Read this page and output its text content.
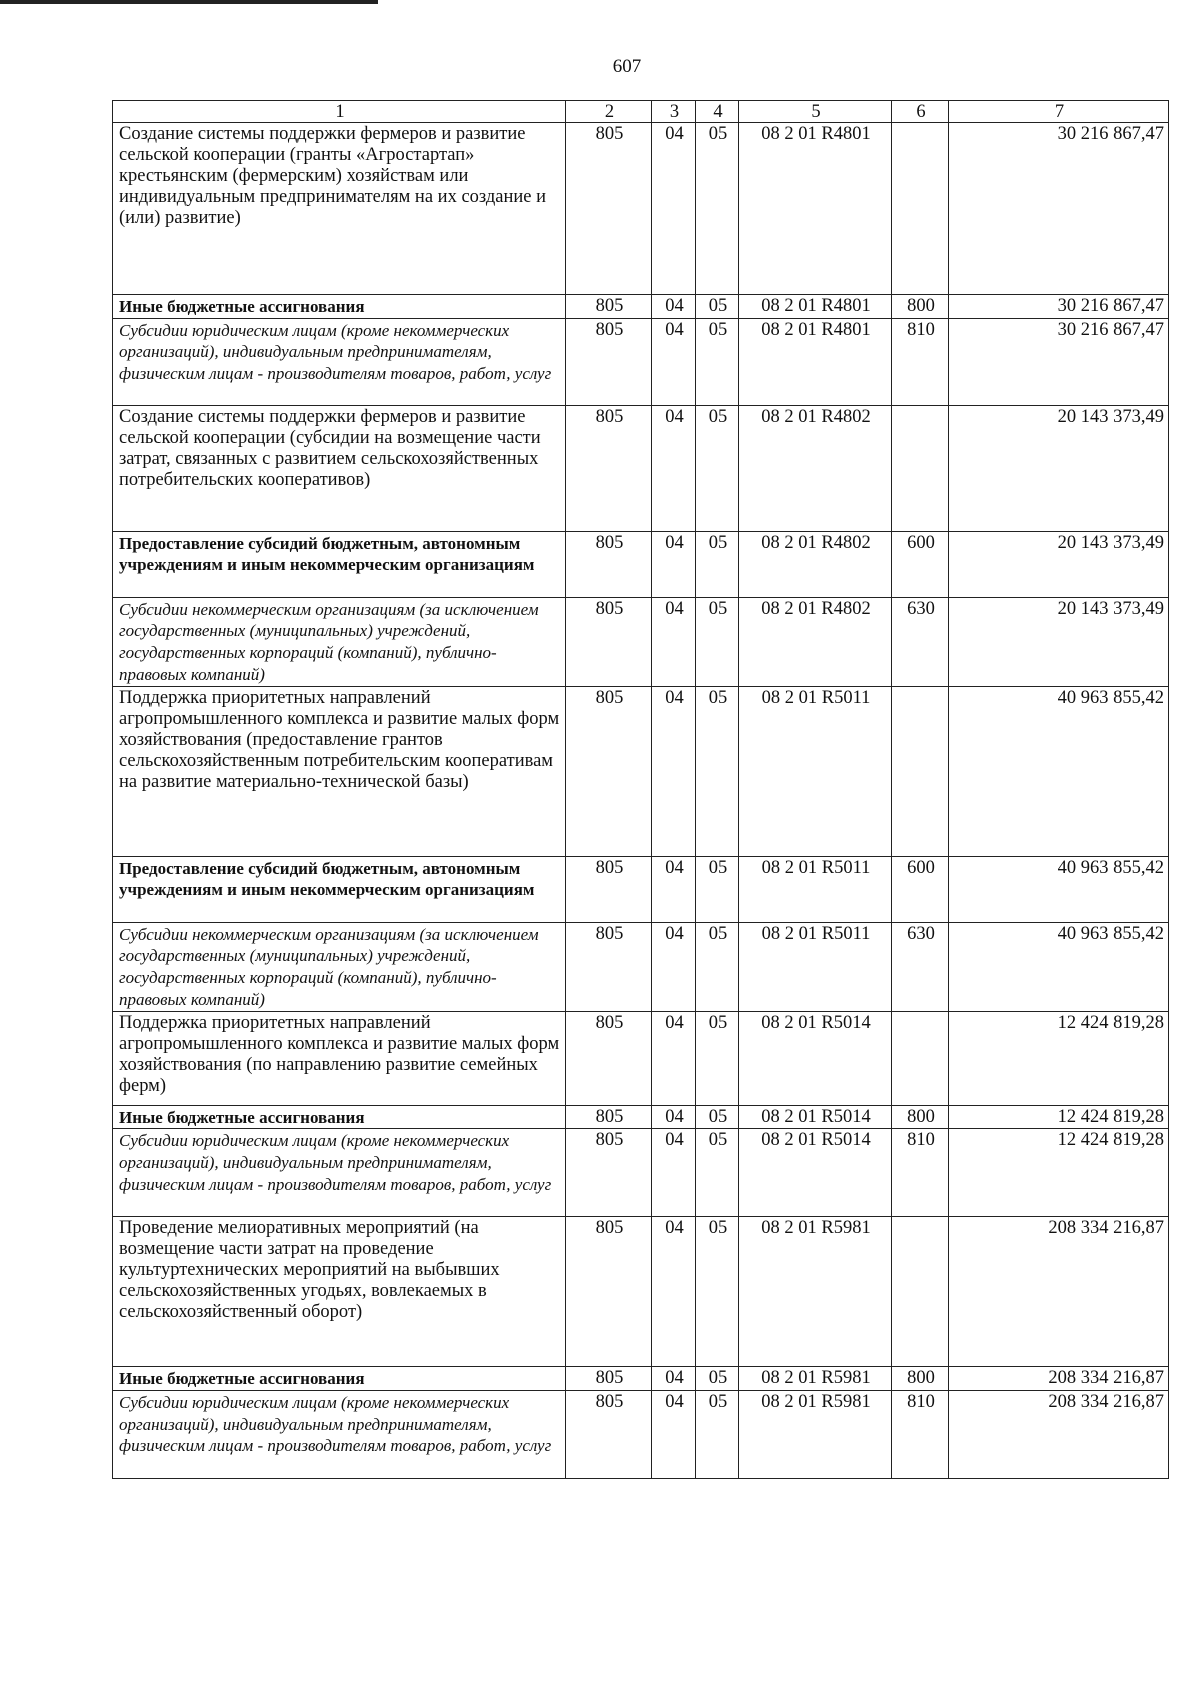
607
1	2	3	4	5	6	7
Создание системы поддержки фермеров и развитие сельской кооперации (гранты «Агростартап» крестьянским (фермерским) хозяйствам или индивидуальным предпринимателям на их создание и (или) развитие)	805	04	05	08 2 01 R4801		30 216 867,47
Иные бюджетные ассигнования	805	04	05	08 2 01 R4801	800	30 216 867,47
Субсидии юридическим лицам (кроме некоммерческих организаций), индивидуальным предпринимателям, физическим лицам - производителям товаров, работ, услуг	805	04	05	08 2 01 R4801	810	30 216 867,47
Создание системы поддержки фермеров и развитие сельской кооперации (субсидии на возмещение части затрат, связанных с развитием сельскохозяйственных потребительских кооперативов)	805	04	05	08 2 01 R4802		20 143 373,49
Предоставление субсидий бюджетным, автономным учреждениям и иным некоммерческим организациям	805	04	05	08 2 01 R4802	600	20 143 373,49
Субсидии некоммерческим организациям (за исключением государственных (муниципальных) учреждений, государственных корпораций (компаний), публично-правовых компаний)	805	04	05	08 2 01 R4802	630	20 143 373,49
Поддержка приоритетных направлений агропромышленного комплекса и развитие малых форм хозяйствования (предоставление грантов сельскохозяйственным потребительским кооперативам на развитие материально-технической базы)	805	04	05	08 2 01 R5011		40 963 855,42
Предоставление субсидий бюджетным, автономным учреждениям и иным некоммерческим организациям	805	04	05	08 2 01 R5011	600	40 963 855,42
Субсидии некоммерческим организациям (за исключением государственных (муниципальных) учреждений, государственных корпораций (компаний), публично-правовых компаний)	805	04	05	08 2 01 R5011	630	40 963 855,42
Поддержка приоритетных направлений агропромышленного комплекса и развитие малых форм хозяйствования (по направлению развитие семейных ферм)	805	04	05	08 2 01 R5014		12 424 819,28
Иные бюджетные ассигнования	805	04	05	08 2 01 R5014	800	12 424 819,28
Субсидии юридическим лицам (кроме некоммерческих организаций), индивидуальным предпринимателям, физическим лицам - производителям товаров, работ, услуг	805	04	05	08 2 01 R5014	810	12 424 819,28
Проведение мелиоративных мероприятий (на возмещение части затрат на проведение культуртехнических мероприятий на выбывших сельскохозяйственных угодьях, вовлекаемых в сельскохозяйственный оборот)	805	04	05	08 2 01 R5981		208 334 216,87
Иные бюджетные ассигнования	805	04	05	08 2 01 R5981	800	208 334 216,87
Субсидии юридическим лицам (кроме некоммерческих организаций), индивидуальным предпринимателям, физическим лицам - производителям товаров, работ, услуг	805	04	05	08 2 01 R5981	810	208 334 216,87
